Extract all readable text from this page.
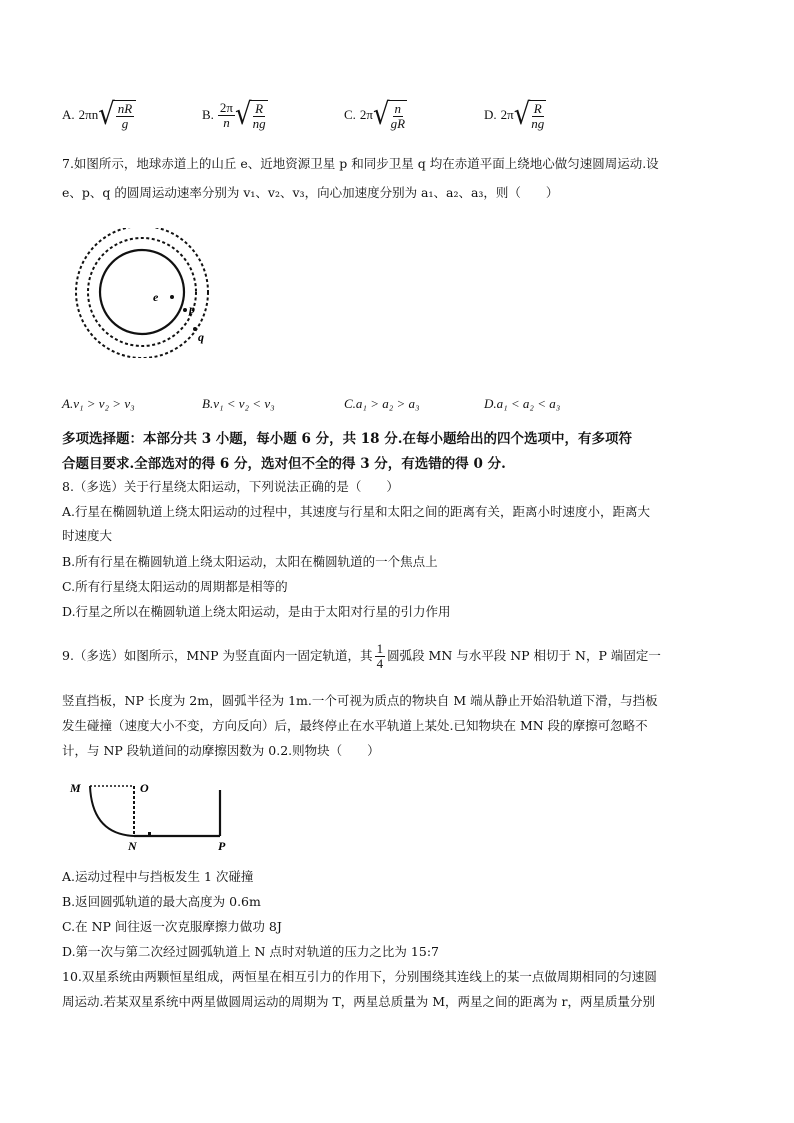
A. 2πn √ $\frac{nR}{g}$	B. $\frac{2\pi}{n}$ √ $\frac{R}{ng}$	C. 2π √ $\frac{n}{gR}$	D. 2π √ $\frac{R}{ng}$
7.如图所示，地球赤道上的山丘 e、近地资源卫星 p 和同步卫星 q 均在赤道平面上绕地心做匀速圆周运动.设
e、p、q 的圆周运动速率分别为 v₁、v₂、v₃，向心加速度分别为 a₁、a₂、a₃，则（　　）
e
p
q
A.v₁ > v₂ > v₃	B.v₁ < v₂ < v₃	C.a₁ > a₂ > a₃	D.a₁ < a₂ < a₃
多项选择题：本部分共 3 小题，每小题 6 分，共 18 分.在每小题给出的四个选项中，有多项符
合题目要求.全部选对的得 6 分，选对但不全的得 3 分，有选错的得 0 分.
8.（多选）关于行星绕太阳运动，下列说法正确的是（　　）
A.行星在椭圆轨道上绕太阳运动的过程中，其速度与行星和太阳之间的距离有关，距离小时速度小，距离大
时速度大
B.所有行星在椭圆轨道上绕太阳运动，太阳在椭圆轨道的一个焦点上
C.所有行星绕太阳运动的周期都是相等的
D.行星之所以在椭圆轨道上绕太阳运动，是由于太阳对行星的引力作用
9.（多选）如图所示，MNP 为竖直面内一固定轨道，其 $\frac{1}{4}$ 圆弧段 MN 与水平段 NP 相切于 N，P 端固定一
竖直挡板，NP 长度为 2m，圆弧半径为 1m.一个可视为质点的物块自 M 端从静止开始沿轨道下滑，与挡板
发生碰撞（速度大小不变，方向反向）后，最终停止在水平轨道上某处.已知物块在 MN 段的摩擦可忽略不
计，与 NP 段轨道间的动摩擦因数为 0.2.则物块（　　）
M	O
N	P
A.运动过程中与挡板发生 1 次碰撞
B.返回圆弧轨道的最大高度为 0.6m
C.在 NP 间往返一次克服摩擦力做功 8J
D.第一次与第二次经过圆弧轨道上 N 点时对轨道的压力之比为 15:7
10.双星系统由两颗恒星组成，两恒星在相互引力的作用下，分别围绕其连线上的某一点做周期相同的匀速圆
周运动.若某双星系统中两星做圆周运动的周期为 T，两星总质量为 M，两星之间的距离为 r，两星质量分别
